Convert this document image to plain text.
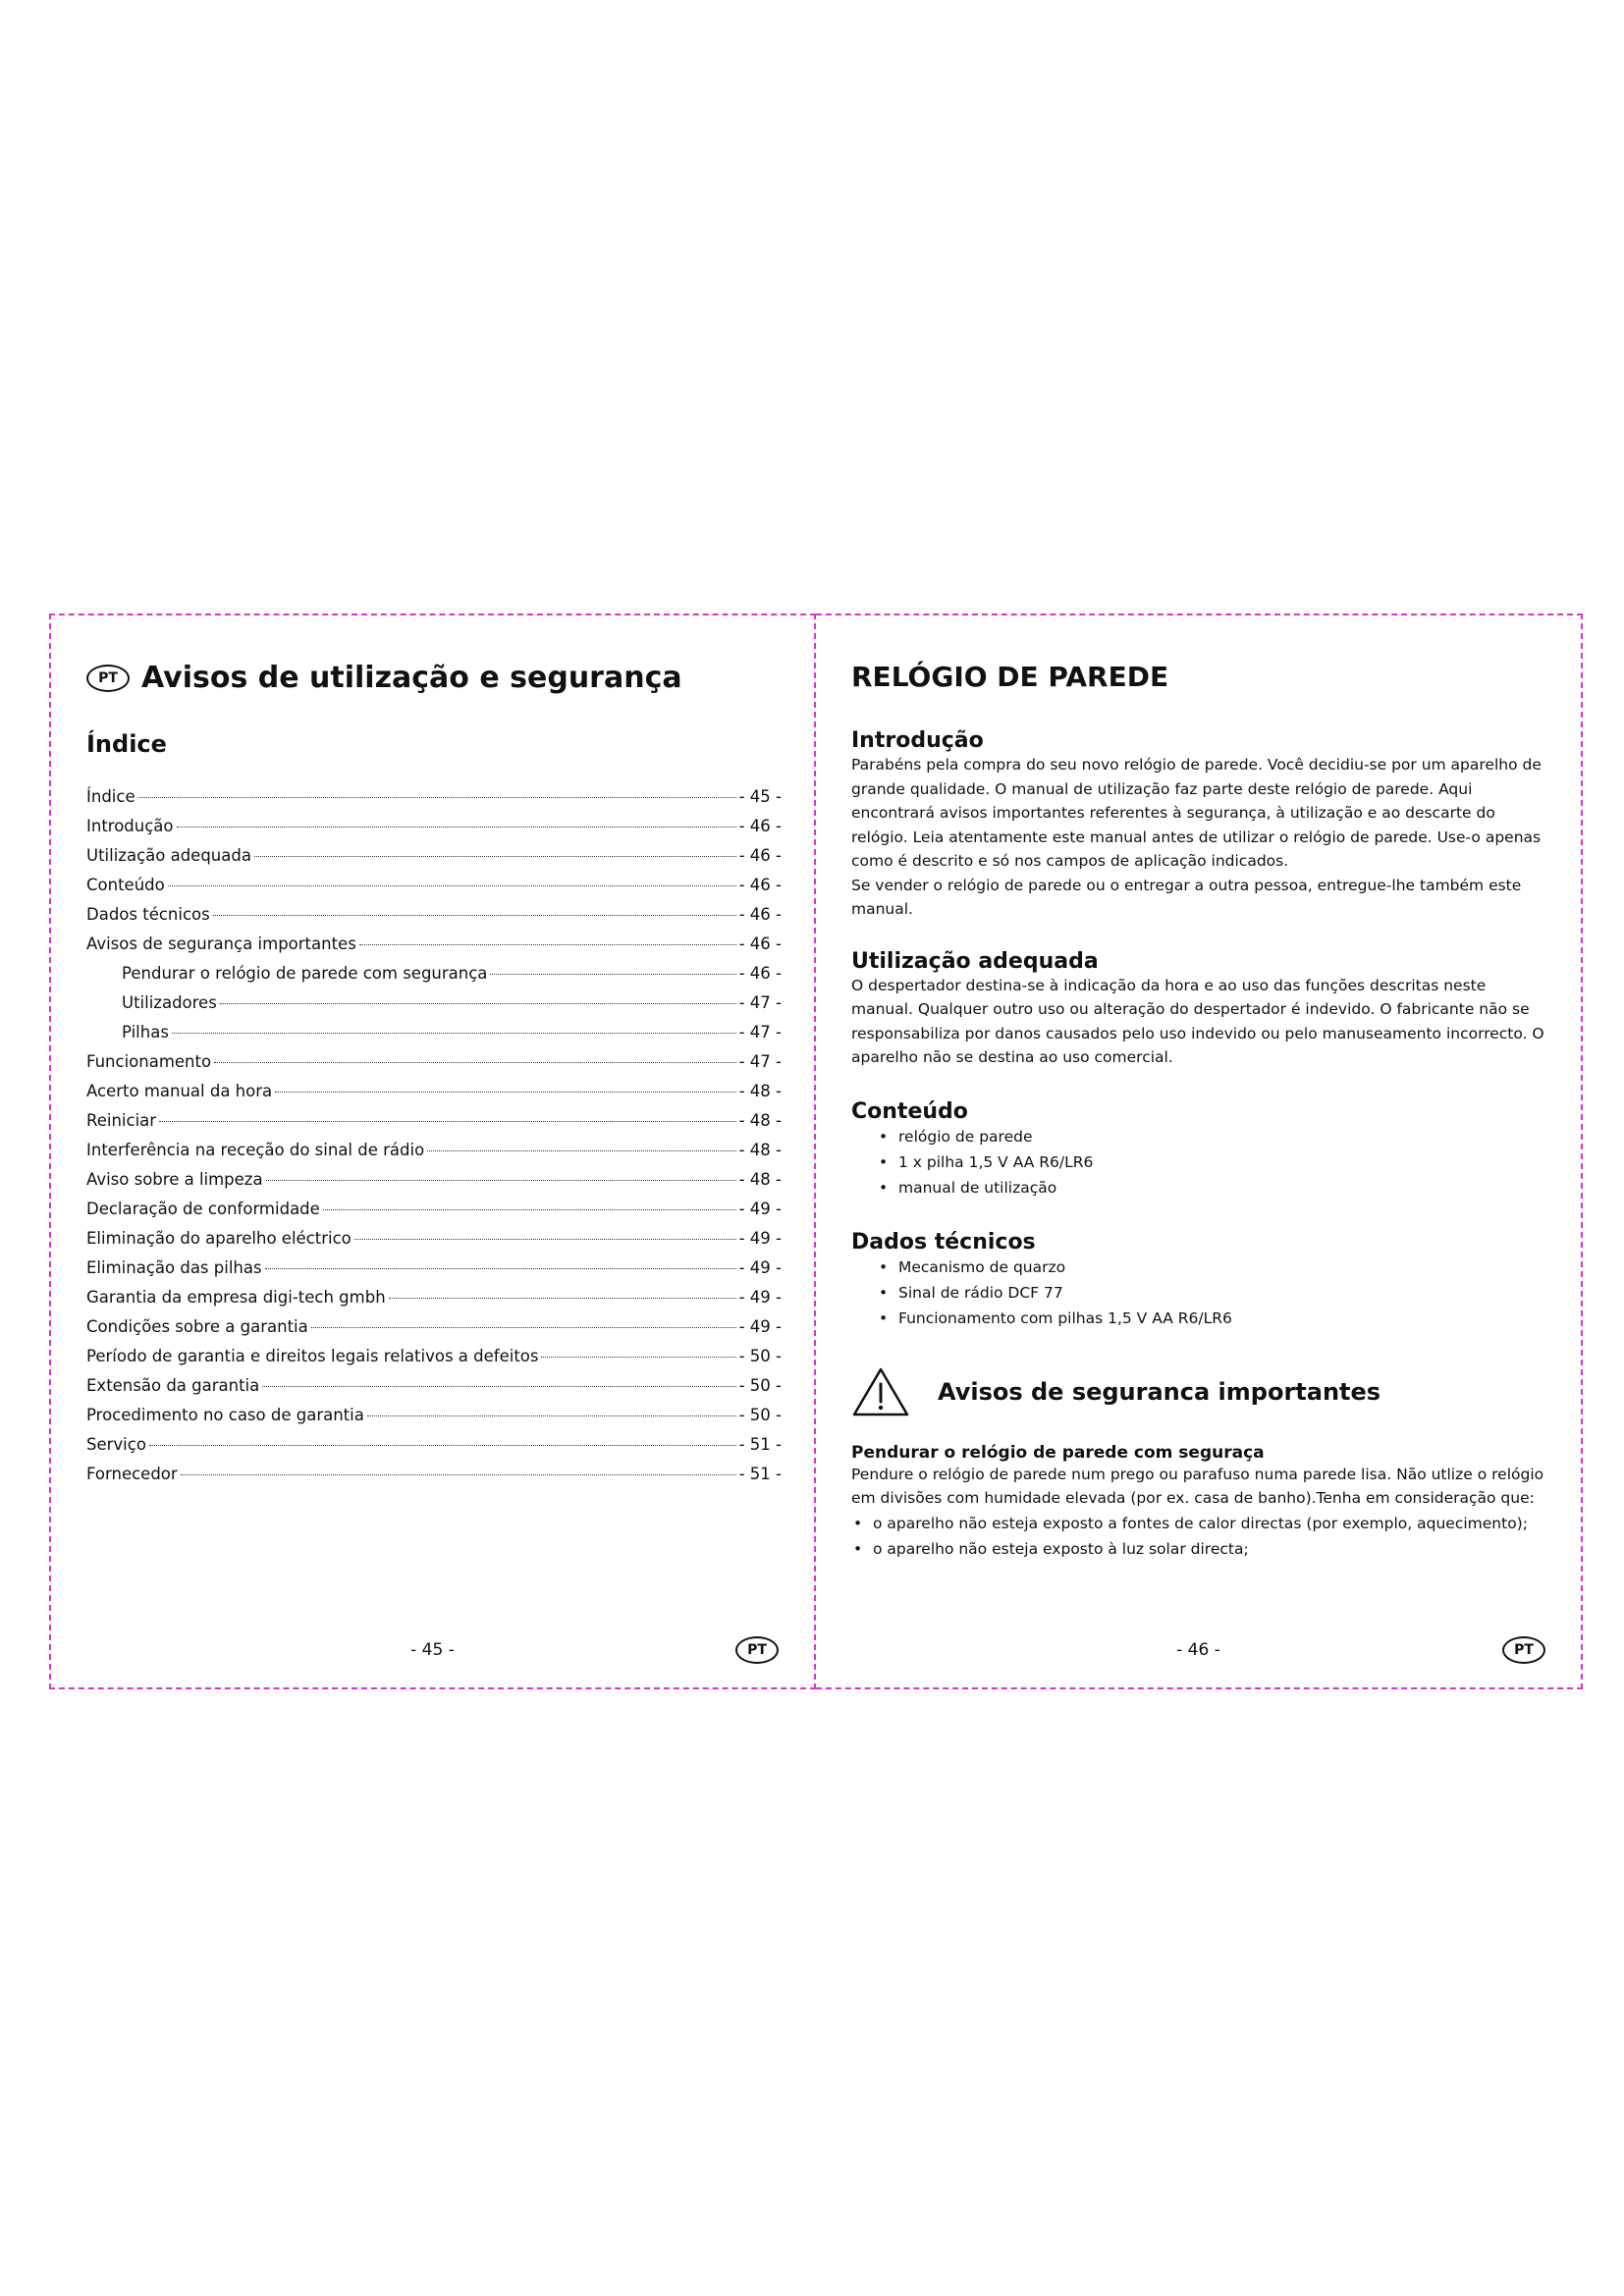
PT Avisos de utilização e segurança
Índice
Índice	- 45 -
Introdução	- 46 -
Utilização adequada	- 46 -
Conteúdo	- 46 -
Dados técnicos	- 46 -
Avisos de segurança importantes	- 46 -
Pendurar o relógio de parede com segurança	- 46 -
Utilizadores	- 47 -
Pilhas	- 47 -
Funcionamento	- 47 -
Acerto manual da hora	- 48 -
Reiniciar	- 48 -
Interferência na receção do sinal de rádio	- 48 -
Aviso sobre a limpeza	- 48 -
Declaração de conformidade	- 49 -
Eliminação do aparelho eléctrico	- 49 -
Eliminação das pilhas	- 49 -
Garantia da empresa digi-tech gmbh	- 49 -
Condições sobre a garantia	- 49 -
Período de garantia e direitos legais relativos a defeitos	- 50 -
Extensão da garantia	- 50 -
Procedimento no caso de garantia	- 50 -
Serviço	- 51 -
Fornecedor	- 51 -
- 45 -	PT
RELÓGIO DE PAREDE
Introdução

Parabéns pela compra do seu novo relógio de parede. Você decidiu-se por um aparelho de grande qualidade. O manual de utilização faz parte deste relógio de parede. Aqui encontrará avisos importantes referentes à segurança, à utilização e ao descarte do relógio. Leia atentamente este manual antes de utilizar o relógio de parede. Use-o apenas como é descrito e só nos campos de aplicação indicados.

Se vender o relógio de parede ou o entregar a outra pessoa, entregue-lhe também este manual.

Utilização adequada

O despertador destina-se à indicação da hora e ao uso das funções descritas neste manual. Qualquer outro uso ou alteração do despertador é indevido. O fabricante não se responsabiliza por danos causados pelo uso indevido ou pelo manuseamento incorrecto. O aparelho não se destina ao uso comercial.

Conteúdo
• relógio de parede
• 1 x pilha 1,5 V AA R6/LR6
• manual de utilização
Dados técnicos
• Mecanismo de quarzo
• Sinal de rádio DCF 77
• Funcionamento com pilhas 1,5 V AA R6/LR6
Avisos de seguranca importantes
Pendurar o relógio de parede com seguraça

Pendure o relógio de parede num prego ou parafuso numa parede lisa. Não utlize o relógio em divisões com humidade elevada (por ex. casa de banho).Tenha em consideração que:

• o aparelho não esteja exposto a fontes de calor directas (por exemplo, aquecimento);
• o aparelho não esteja exposto à luz solar directa;
- 46 -	PT
